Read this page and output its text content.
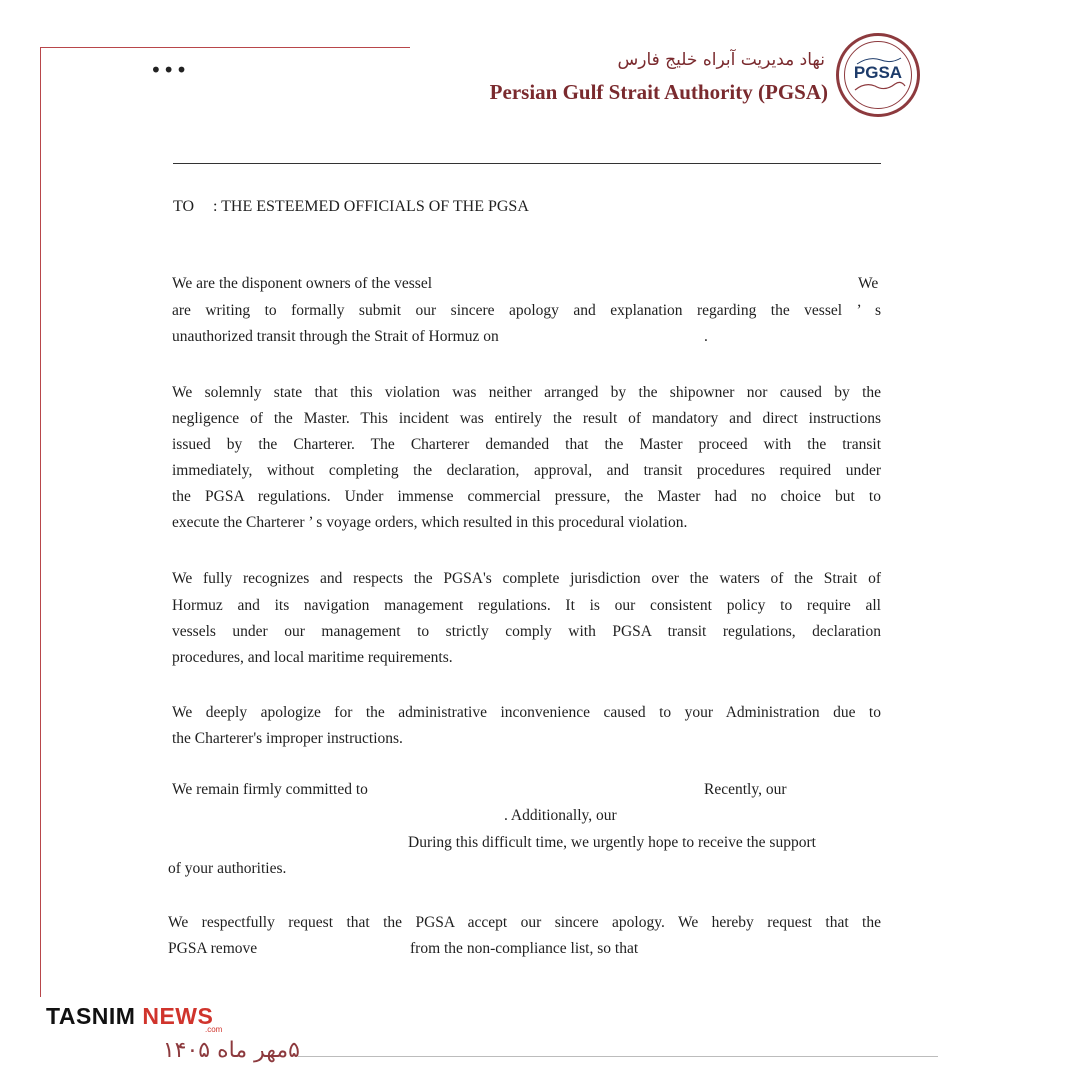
•••	نهاد مدیریت آبراه خلیج فارس
Persian Gulf Strait Authority (PGSA)
PGSA
TO : THE ESTEEMED OFFICIALS OF THE PGSA
We are the disponent owners of the vessel	We
are writing to formally submit our sincere apology and explanation regarding the vessel ’ s
unauthorized transit through the Strait of Hormuz on	.
We solemnly state that this violation was neither arranged by the shipowner nor caused by the
negligence of the Master. This incident was entirely the result of mandatory and direct instructions
issued by the Charterer. The Charterer demanded that the Master proceed with the transit
immediately, without completing the declaration, approval, and transit procedures required under
the PGSA regulations. Under immense commercial pressure, the Master had no choice but to
execute the Charterer ’ s voyage orders, which resulted in this procedural violation.
We fully recognizes and respects the PGSA's complete jurisdiction over the waters of the Strait of
Hormuz and its navigation management regulations. It is our consistent policy to require all
vessels under our management to strictly comply with PGSA transit regulations, declaration
procedures, and local maritime requirements.
We deeply apologize for the administrative inconvenience caused to your Administration due to
the Charterer's improper instructions.
We remain firmly committed to	Recently, our
. Additionally, our
During this difficult time, we urgently hope to receive the support
of your authorities.
We respectfully request that the PGSA accept our sincere apology. We hereby request that the
PGSA remove	from the non-compliance list, so that
TASNIM NEWS
.com
۵مهر ماه ۱۴۰۵
